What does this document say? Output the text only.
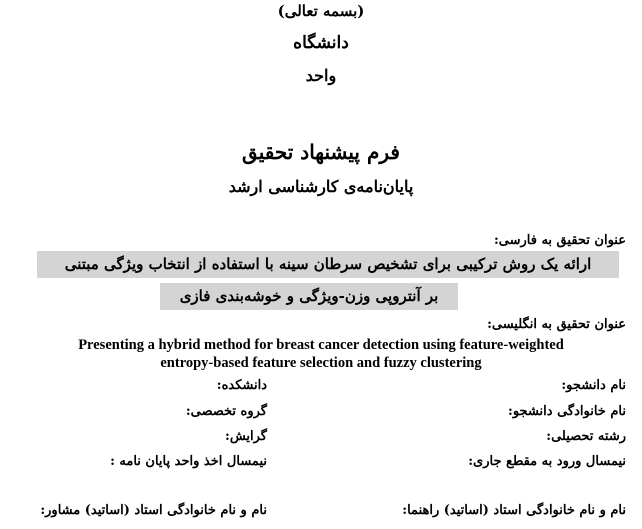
(بسمه تعالی)
دانشگاه
واحد
فرم پیشنهاد تحقیق
پایان‌نامه‌ی کارشناسی ارشد
عنوان تحقیق به فارسی:
ارائه یک روش ترکیبی برای تشخیص سرطان سینه با استفاده از انتخاب ویژگی مبتنی
بر آنتروپی وزن-ویژگی و خوشه‌بندی فازی
عنوان تحقیق به انگلیسی:
Presenting a hybrid method for breast cancer detection using feature-weighted
entropy-based feature selection and fuzzy clustering
نام دانشجو:
نام خانوادگی دانشجو:
رشته تحصیلی:
نیمسال ورود به مقطع جاری:
نام و نام خانوادگی استاد (اساتید) راهنما:
دانشکده:
گروه تخصصی:
گرایش:
نیمسال اخذ واحد پایان نامه :
نام و نام خانوادگی استاد (اساتید) مشاور:
